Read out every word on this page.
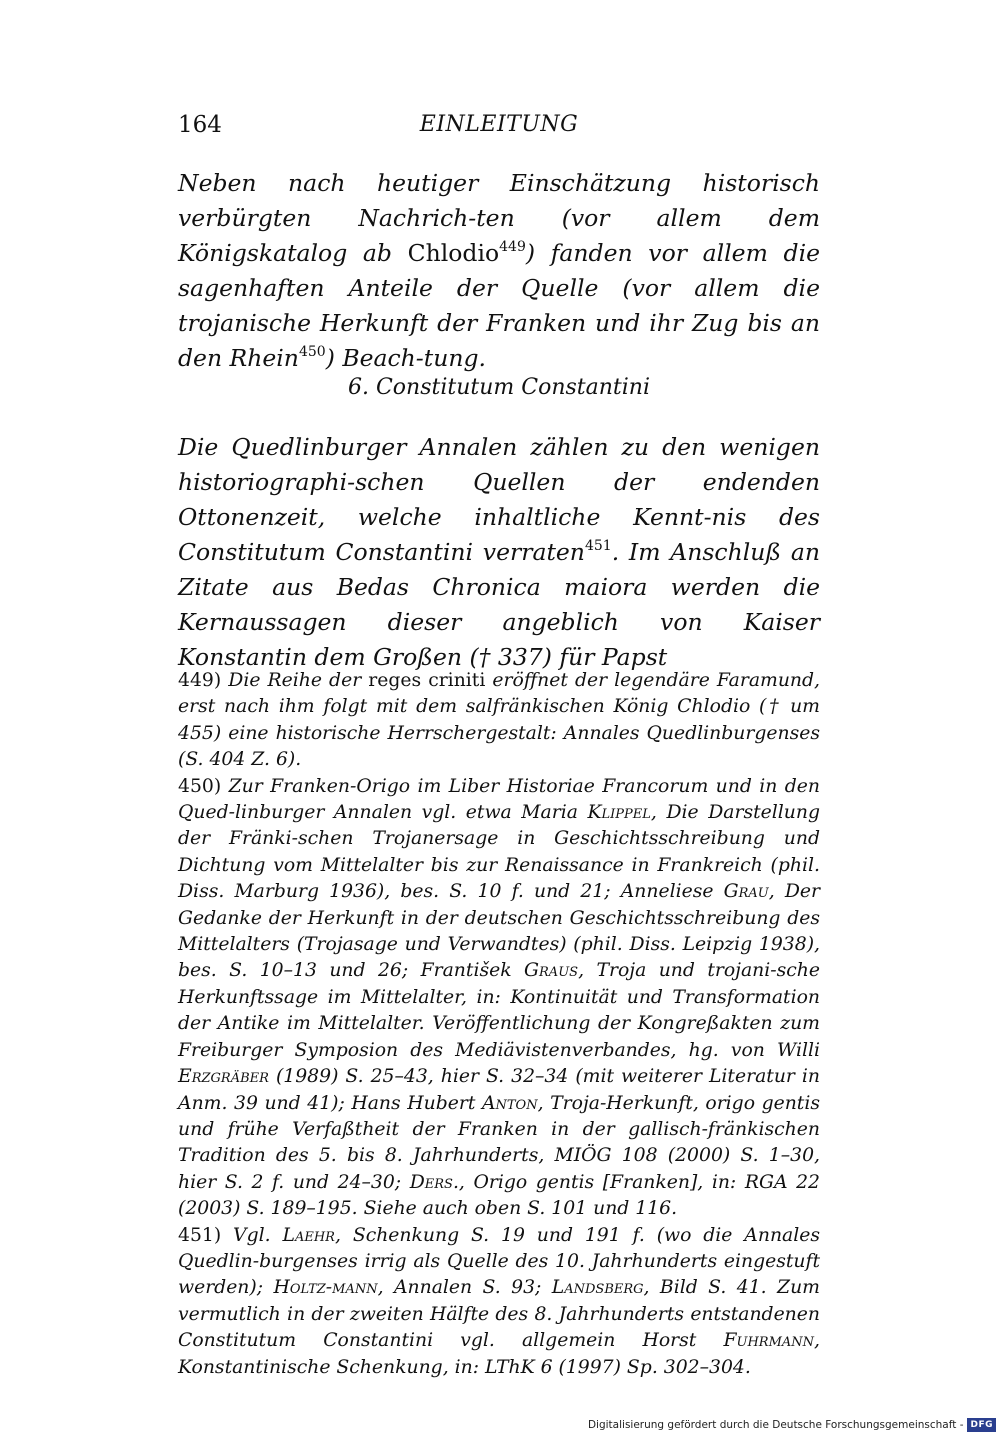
164	EINLEITUNG

Neben nach heutiger Einschätzung historisch verbürgten Nachrich-ten (vor allem dem Königskatalog ab Chlodio$^{449}$) fanden vor allem die sagenhaften Anteile der Quelle (vor allem die trojanische Herkunft der Franken und ihr Zug bis an den Rhein$^{450}$) Beach-tung.

6. Constitutum Constantini

Die Quedlinburger Annalen zählen zu den wenigen historiographi-schen Quellen der endenden Ottonenzeit, welche inhaltliche Kennt-nis des Constitutum Constantini verraten$^{451}$. Im Anschluß an Zitate aus Bedas Chronica maiora werden die Kernaussagen dieser angeblich von Kaiser Konstantin dem Großen († 337) für Papst

449) Die Reihe der reges criniti eröffnet der legendäre Faramund, erst nach ihm folgt mit dem salfränkischen König Chlodio († um 455) eine historische Herrschergestalt: Annales Quedlinburgenses (S. 404 Z. 6).

450) Zur Franken-Origo im Liber Historiae Francorum und in den Qued-linburger Annalen vgl. etwa Maria Klippel, Die Darstellung der Fränki-schen Trojanersage in Geschichtsschreibung und Dichtung vom Mittelalter bis zur Renaissance in Frankreich (phil. Diss. Marburg 1936), bes. S. 10 f. und 21; Anneliese Grau, Der Gedanke der Herkunft in der deutschen Geschichtsschreibung des Mittelalters (Trojasage und Verwandtes) (phil. Diss. Leipzig 1938), bes. S. 10–13 und 26; František Graus, Troja und trojani-sche Herkunftssage im Mittelalter, in: Kontinuität und Transformation der Antike im Mittelalter. Veröffentlichung der Kongreßakten zum Freiburger Symposion des Mediävistenverbandes, hg. von Willi Erzgräber (1989) S. 25–43, hier S. 32–34 (mit weiterer Literatur in Anm. 39 und 41); Hans Hubert Anton, Troja-Herkunft, origo gentis und frühe Verfaßtheit der Franken in der gallisch-fränkischen Tradition des 5. bis 8. Jahrhunderts, MIÖG 108 (2000) S. 1–30, hier S. 2 f. und 24–30; Ders., Origo gentis [Franken], in: RGA 22 (2003) S. 189–195. Siehe auch oben S. 101 und 116.

451) Vgl. Laehr, Schenkung S. 19 und 191 f. (wo die Annales Quedlin-burgenses irrig als Quelle des 10. Jahrhunderts eingestuft werden); Holtz-mann, Annalen S. 93; Landsberg, Bild S. 41. Zum vermutlich in der zweiten Hälfte des 8. Jahrhunderts entstandenen Constitutum Constantini vgl. allgemein Horst Fuhrmann, Konstantinische Schenkung, in: LThK 6 (1997) Sp. 302–304.

Digitalisierung gefördert durch die Deutsche Forschungsgemeinschaft - DFG
